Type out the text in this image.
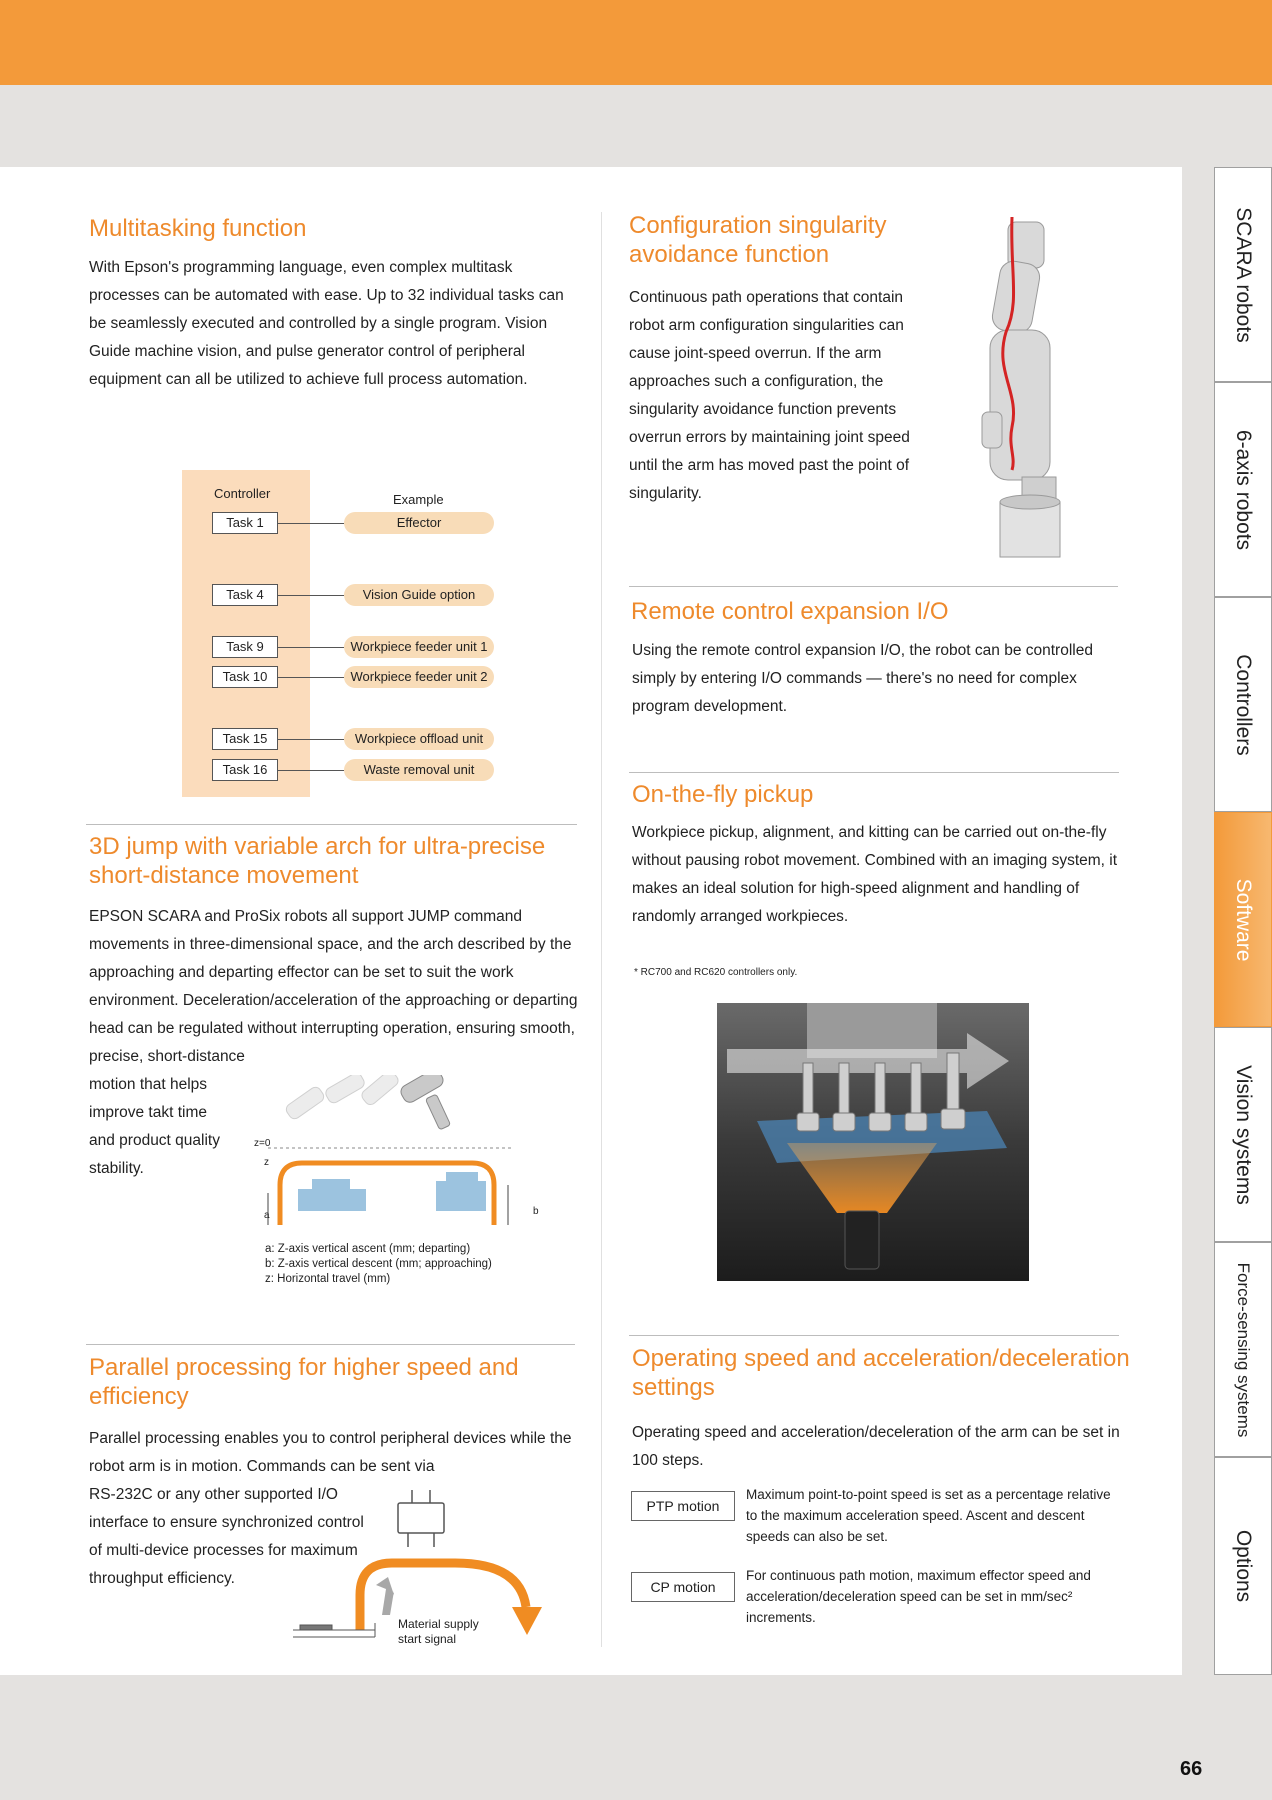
Multitasking function

With Epson's programming language, even complex multitask processes can be automated with ease. Up to 32 individual tasks can be seamlessly executed and controlled by a single program. Vision Guide machine vision, and pulse generator control of peripheral equipment can all be utilized to achieve full process automation.

Controller	Example
Task 1	Effector
Task 4	Vision Guide option
Task 9	Workpiece feeder unit 1
Task 10	Workpiece feeder unit 2
Task 15	Workpiece offload unit
Task 16	Waste removal unit
3D jump with variable arch for ultra-precise short-distance movement

EPSON SCARA and ProSix robots all support JUMP command movements in three-dimensional space, and the arch described by the approaching and departing effector can be set to suit the work environment. Deceleration/acceleration of the approaching or departing head can be regulated without interrupting operation, ensuring smooth, precise, short-distance

motion that helps improve takt time and product quality stability.

z=0
z
a	b

a: Z-axis vertical ascent (mm; departing)

b: Z-axis vertical descent (mm; approaching)

z: Horizontal travel (mm)

Parallel processing for higher speed and efficiency

Parallel processing enables you to control peripheral devices while the robot arm is in motion. Commands can be sent via

RS-232C or any other supported I/O interface to ensure synchronized control of multi-device processes for maximum throughput efficiency.

Material supply start signal

Configuration singularity avoidance function

Continuous path operations that contain robot arm configuration singularities can cause joint-speed overrun. If the arm approaches such a configuration, the singularity avoidance function prevents overrun errors by maintaining joint speed until the arm has moved past the point of singularity.

Remote control expansion I/O

Using the remote control expansion I/O, the robot can be controlled simply by entering I/O commands — there's no need for complex program development.

On-the-fly pickup

Workpiece pickup, alignment, and kitting can be carried out on-the-fly without pausing robot movement. Combined with an imaging system, it makes an ideal solution for high-speed alignment and handling of randomly arranged workpieces.

* RC700 and RC620 controllers only.
Operating speed and acceleration/deceleration settings

Operating speed and acceleration/deceleration of the arm can be set in 100 steps.

PTP motion

Maximum point-to-point speed is set as a percentage relative to the maximum acceleration speed. Ascent and descent speeds can also be set.

CP motion

For continuous path motion, maximum effector speed and acceleration/deceleration speed can be set in mm/sec² increments.

SCARA robots
6-axis robots
Controllers
Software
Vision systems
Force-sensing systems
Options
66
